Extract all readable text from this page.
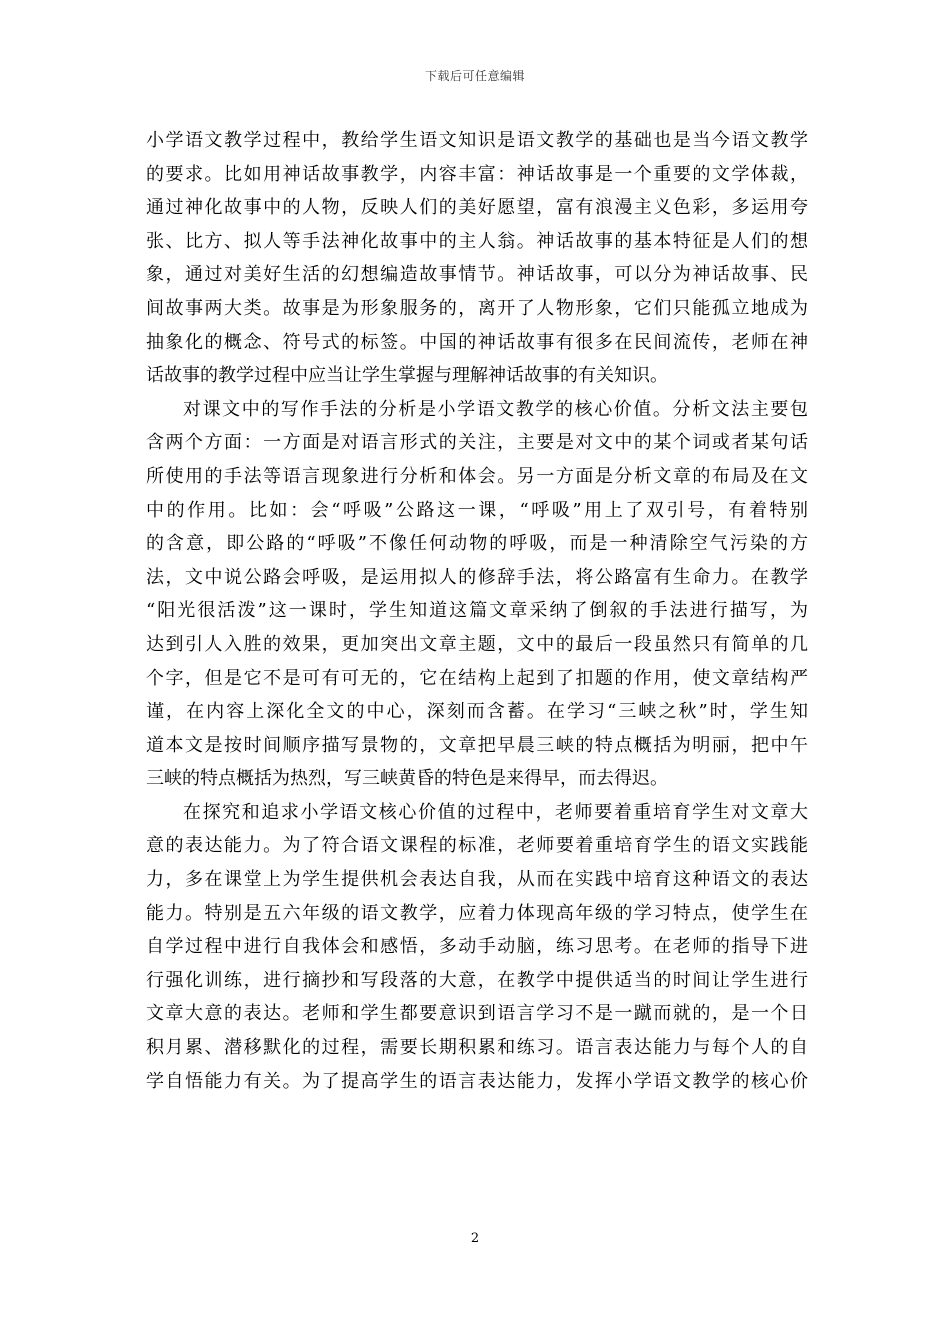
下载后可任意编辑
小学语文教学过程中，教给学生语文知识是语文教学的基础也是当今语文教学
的要求。比如用神话故事教学，内容丰富：神话故事是一个重要的文学体裁，
通过神化故事中的人物，反映人们的美好愿望，富有浪漫主义色彩，多运用夸
张、比方、拟人等手法神化故事中的主人翁。神话故事的基本特征是人们的想
象，通过对美好生活的幻想编造故事情节。神话故事，可以分为神话故事、民
间故事两大类。故事是为形象服务的，离开了人物形象，它们只能孤立地成为
抽象化的概念、符号式的标签。中国的神话故事有很多在民间流传，老师在神
话故事的教学过程中应当让学生掌握与理解神话故事的有关知识。
对课文中的写作手法的分析是小学语文教学的核心价值。分析文法主要包
含两个方面：一方面是对语言形式的关注，主要是对文中的某个词或者某句话
所使用的手法等语言现象进行分析和体会。另一方面是分析文章的布局及在文
中的作用。比如：会“呼吸”公路这一课，“呼吸”用上了双引号，有着特别
的含意，即公路的“呼吸”不像任何动物的呼吸，而是一种清除空气污染的方
法，文中说公路会呼吸，是运用拟人的修辞手法，将公路富有生命力。在教学
“阳光很活泼”这一课时，学生知道这篇文章采纳了倒叙的手法进行描写，为
达到引人入胜的效果，更加突出文章主题，文中的最后一段虽然只有简单的几
个字，但是它不是可有可无的，它在结构上起到了扣题的作用，使文章结构严
谨，在内容上深化全文的中心，深刻而含蓄。在学习“三峡之秋”时，学生知
道本文是按时间顺序描写景物的，文章把早晨三峡的特点概括为明丽，把中午
三峡的特点概括为热烈，写三峡黄昏的特色是来得早，而去得迟。
在探究和追求小学语文核心价值的过程中，老师要着重培育学生对文章大
意的表达能力。为了符合语文课程的标准，老师要着重培育学生的语文实践能
力，多在课堂上为学生提供机会表达自我，从而在实践中培育这种语文的表达
能力。特别是五六年级的语文教学，应着力体现高年级的学习特点，使学生在
自学过程中进行自我体会和感悟，多动手动脑，练习思考。在老师的指导下进
行强化训练，进行摘抄和写段落的大意，在教学中提供适当的时间让学生进行
文章大意的表达。老师和学生都要意识到语言学习不是一蹴而就的，是一个日
积月累、潜移默化的过程，需要长期积累和练习。语言表达能力与每个人的自
学自悟能力有关。为了提高学生的语言表达能力，发挥小学语文教学的核心价
2
